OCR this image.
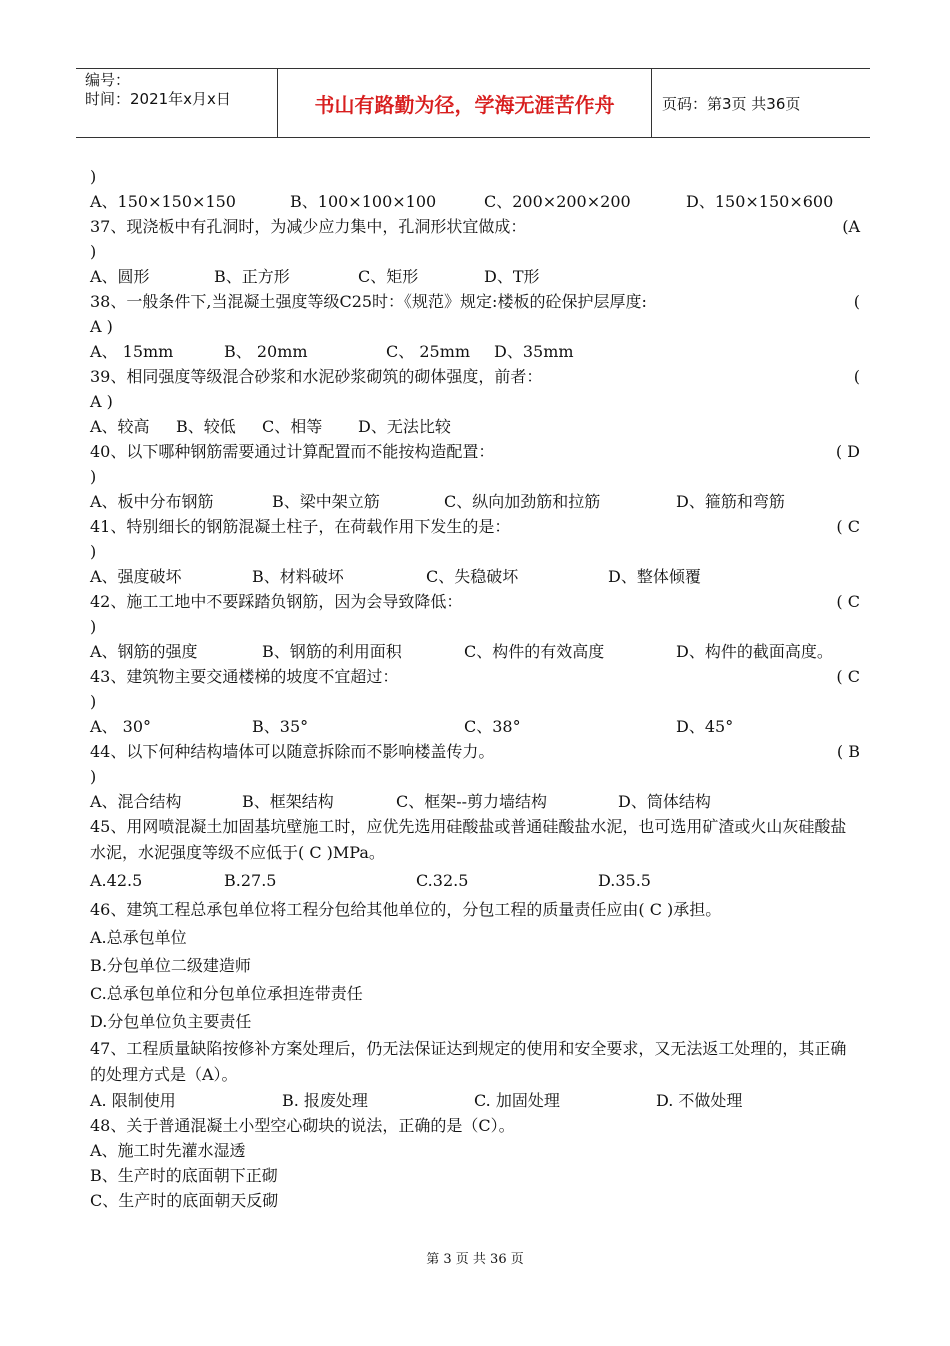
编号：
时间：2021年x月x日	书山有路勤为径，学海无涯苦作舟	页码：第3页 共36页
)
A、150×150×150	B、100×100×100	C、200×200×200	D、150×150×600
37、现浇板中有孔洞时，为减少应力集中，孔洞形状宜做成：	(A
)
A、圆形	B、正方形	C、矩形	D、T形
38、一般条件下,当混凝土强度等级C25时：《规范》规定:楼板的砼保护层厚度:	(
A )
A、 15mm	B、 20mm	C、 25mm D、35mm
39、相同强度等级混合砂浆和水泥砂浆砌筑的砌体强度，前者：	(
A )
A、较高 B、较低 C、相等 D、无法比较
40、以下哪种钢筋需要通过计算配置而不能按构造配置：	( D
)
A、板中分布钢筋	B、梁中架立筋	C、纵向加劲筋和拉筋	D、箍筋和弯筋
41、特别细长的钢筋混凝土柱子，在荷载作用下发生的是：	( C
)
A、强度破坏	B、材料破坏	C、失稳破坏	D、整体倾覆
42、施工工地中不要踩踏负钢筋，因为会导致降低：	( C
)
A、钢筋的强度	B、钢筋的利用面积	C、构件的有效高度	D、构件的截面高度。
43、建筑物主要交通楼梯的坡度不宜超过：	( C
)
A、 30°	B、35°	C、38°	D、45°
44、以下何种结构墙体可以随意拆除而不影响楼盖传力。	( B
)
A、混合结构	B、框架结构	C、框架--剪力墙结构	D、筒体结构
45、用网喷混凝土加固基坑壁施工时，应优先选用硅酸盐或普通硅酸盐水泥，也可选用矿渣或火山灰硅酸盐水泥，水泥强度等级不应低于( C )MPa。
A.42.5	B.27.5	C.32.5	D.35.5
46、建筑工程总承包单位将工程分包给其他单位的，分包工程的质量责任应由( C )承担。
A.总承包单位
B.分包单位二级建造师
C.总承包单位和分包单位承担连带责任
D.分包单位负主要责任
47、工程质量缺陷按修补方案处理后，仍无法保证达到规定的使用和安全要求，又无法返工处理的，其正确的处理方式是（A）。
A. 限制使用	B. 报废处理	C. 加固处理	D. 不做处理
48、关于普通混凝土小型空心砌块的说法，正确的是（C）。
A、施工时先灌水湿透
B、生产时的底面朝下正砌
C、生产时的底面朝天反砌
第 3 页 共 36 页
